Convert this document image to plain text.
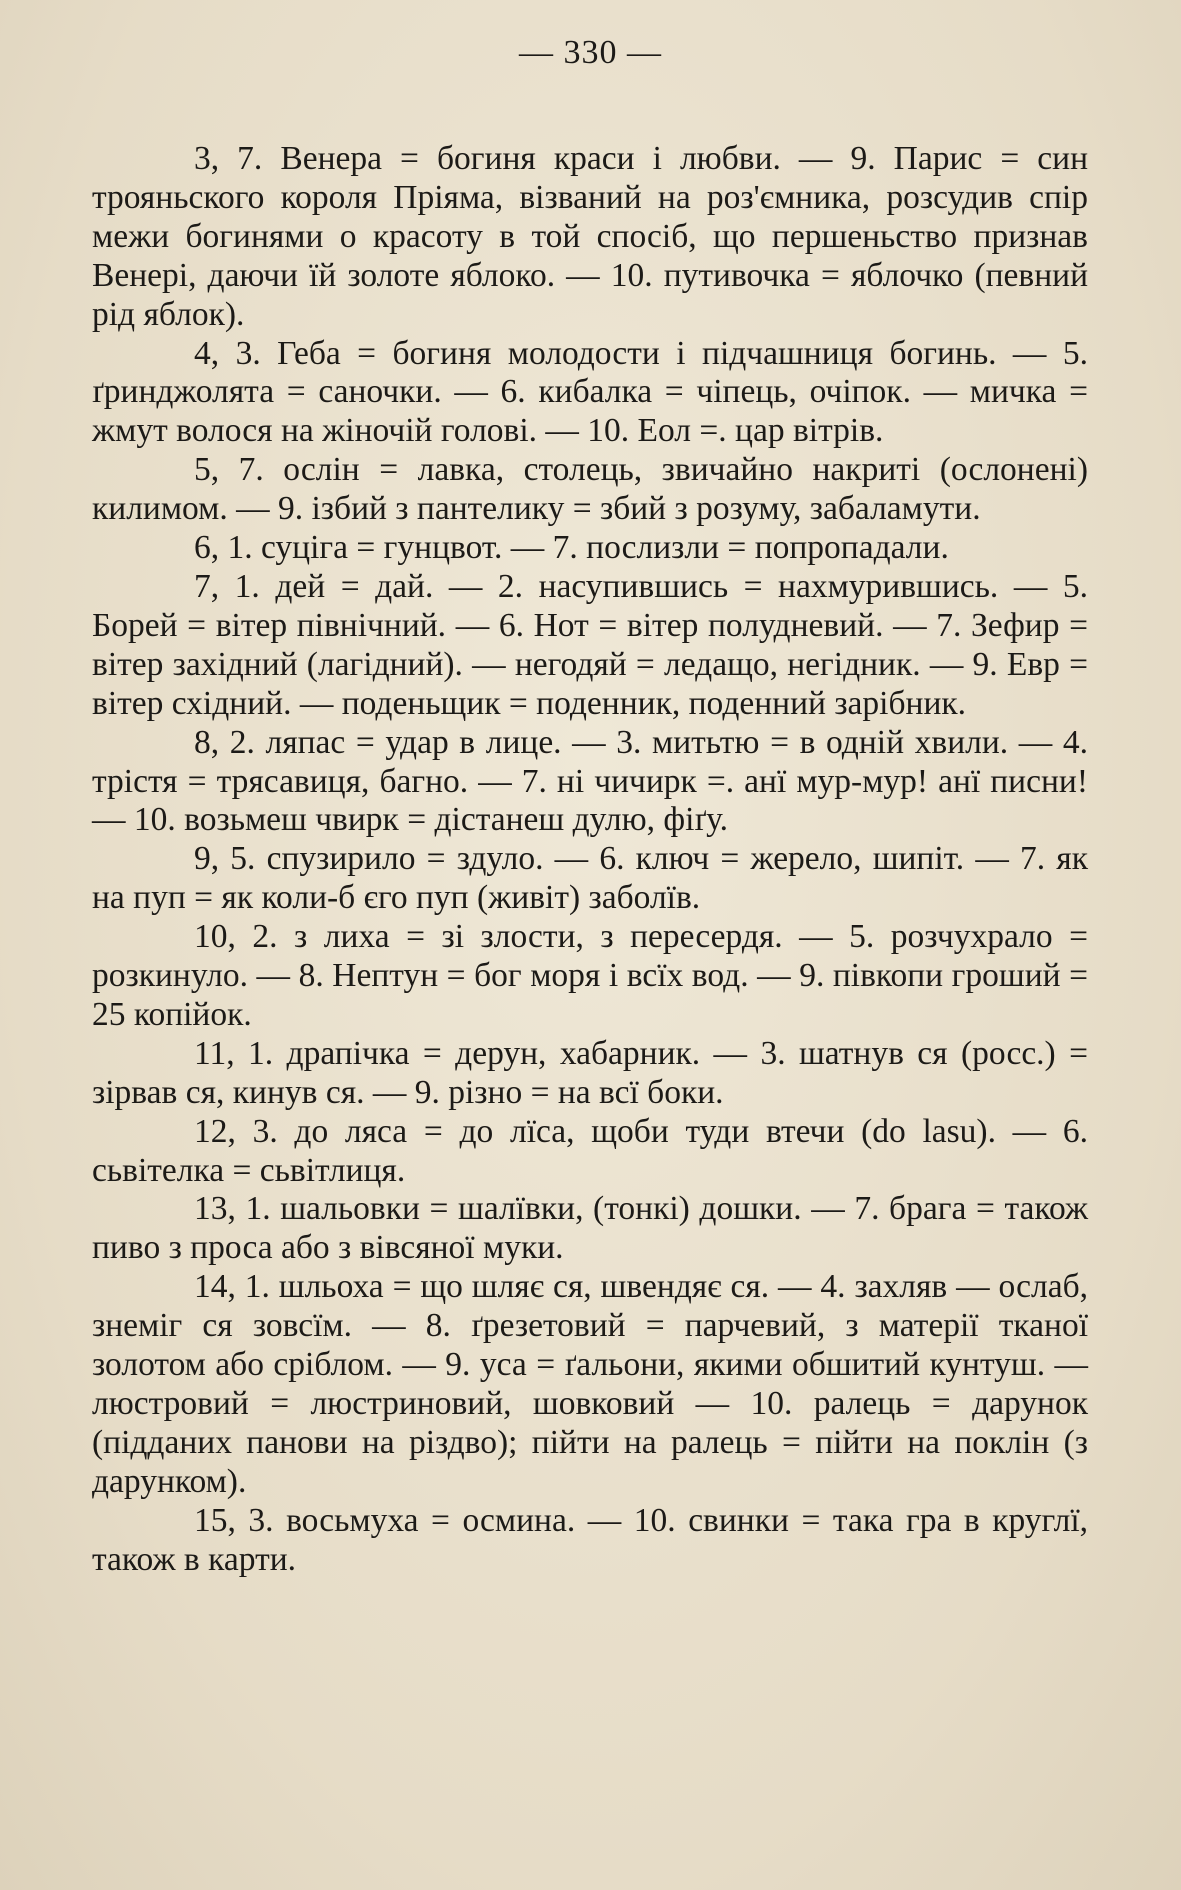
— 330 —

3, 7. Венера = богиня краси і любви. — 9. Парис = син трояньского короля Пріяма, візваний на роз'ємника, розсудив спір межи богинями о красоту в той спосіб, що першеньство признав Венері, даючи їй золоте яблоко. — 10. путивочка = яблочко (певний рід яблок).

4, 3. Геба = богиня молодости і підчашниця богинь. — 5. ґринджолята = саночки. — 6. кибалка = чіпець, очіпок. — мичка = жмут волося на жіночій голові. — 10. Еол =. цар вітрів.

5, 7. ослін = лавка, столець, звичайно накриті (ослонені) килимом. — 9. ізбий з пантелику = збий з розуму, забаламути.

6, 1. суціга = гунцвот. — 7. послизли = попропадали.

7, 1. дей = дай. — 2. насупившись = нахмурившись. — 5. Борей = вітер північний. — 6. Нот = вітер полудневий. — 7. Зефир = вітер західний (лагідний). — негодяй = ледащо, негідник. — 9. Евр = вітер східний. — поденьщик = поденник, поденний зарібник.

8, 2. ляпас = удар в лице. — 3. митьтю = в одній хвили. — 4. трістя = трясавиця, багно. — 7. ні чичирк =. анї мур-мур! анї писни! — 10. возьмеш чвирк = дістанеш дулю, фіґу.

9, 5. спузирило = здуло. — 6. ключ = жерело, шипіт. — 7. як на пуп = як коли-б єго пуп (живіт) заболїв.

10, 2. з лиха = зі злости, з пересердя. — 5. розчухрало = розкинуло. — 8. Нептун = бог моря і всїх вод. — 9. півкопи гроший = 25 копійок.

11, 1. драпічка = дерун, хабарник. — 3. шатнув ся (росс.) = зірвав ся, кинув ся. — 9. різно = на всї боки.

12, 3. до ляса = до лїса, щоби туди втечи (do lasu). — 6. сьвітелка = сьвітлиця.

13, 1. шальовки = шалївки, (тонкі) дошки. — 7. брага = також пиво з проса або з вівсяної муки.

14, 1. шльоха = що шляє ся, швендяє ся. — 4. захляв — ослаб, знеміг ся зовсїм. — 8. ґрезетовий = парчевий, з матерії тканої золотом або сріблом. — 9. уса = ґальони, якими обшитий кунтуш. — люстровий = люстриновий, шовковий — 10. ралець = дарунок (підданих панови на різдво); пійти на ралець = пійти на поклін (з дарунком).

15, 3. восьмуха = осмина. — 10. свинки = така гра в круглї, також в карти.
